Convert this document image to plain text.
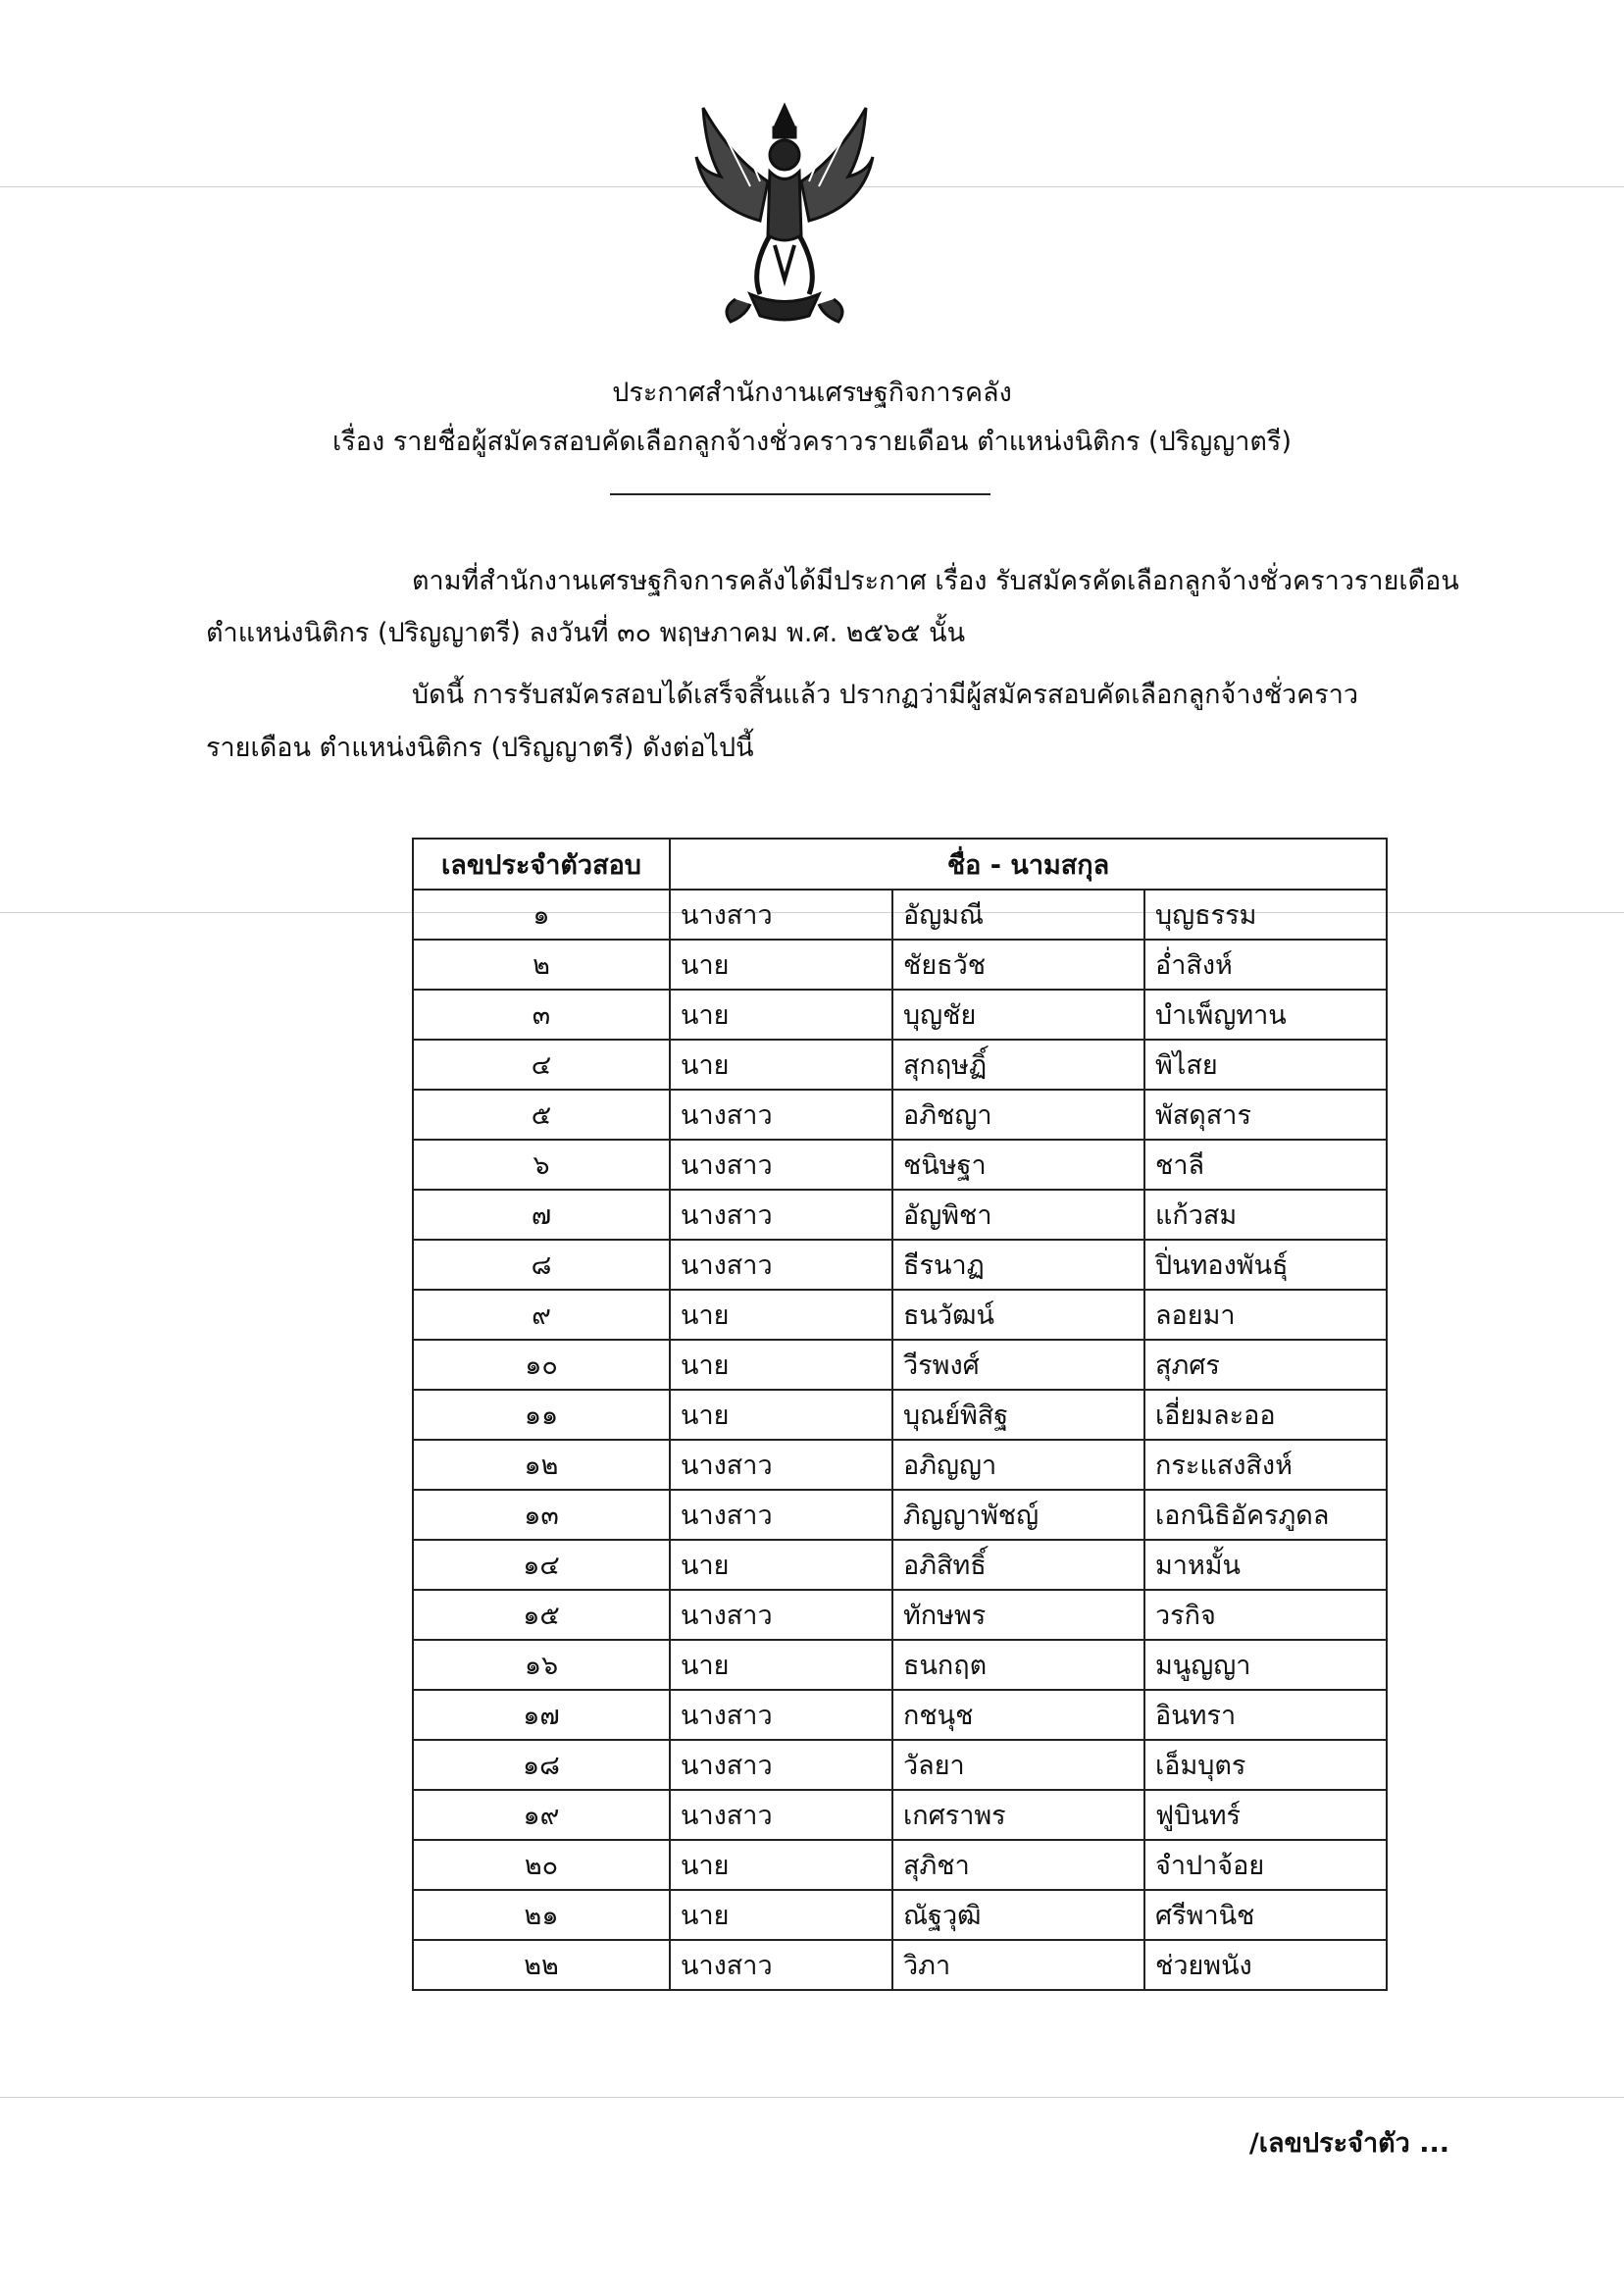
ประกาศสำนักงานเศรษฐกิจการคลัง
เรื่อง รายชื่อผู้สมัครสอบคัดเลือกลูกจ้างชั่วคราวรายเดือน ตำแหน่งนิติกร (ปริญญาตรี)
ตามที่สำนักงานเศรษฐกิจการคลังได้มีประกาศ เรื่อง รับสมัครคัดเลือกลูกจ้างชั่วคราวรายเดือน
ตำแหน่งนิติกร (ปริญญาตรี) ลงวันที่ ๓๐ พฤษภาคม พ.ศ. ๒๕๖๕ นั้น
บัดนี้ การรับสมัครสอบได้เสร็จสิ้นแล้ว ปรากฏว่ามีผู้สมัครสอบคัดเลือกลูกจ้างชั่วคราว
รายเดือน ตำแหน่งนิติกร (ปริญญาตรี) ดังต่อไปนี้
เลขประจำตัวสอบ	ชื่อ - นามสกุล		
๑	นางสาว	อัญมณี	บุญธรรม
๒	นาย	ชัยธวัช	อ่ำสิงห์
๓	นาย	บุญชัย	บำเพ็ญทาน
๔	นาย	สุกฤษฏิ์	พิไสย
๕	นางสาว	อภิชญา	พัสดุสาร
๖	นางสาว	ชนิษฐา	ชาลี
๗	นางสาว	อัญพิชา	แก้วสม
๘	นางสาว	ธีรนาฏ	ปิ่นทองพันธุ์
๙	นาย	ธนวัฒน์	ลอยมา
๑๐	นาย	วีรพงศ์	สุภศร
๑๑	นาย	บุณย์พิสิฐ	เอี่ยมละออ
๑๒	นางสาว	อภิญญา	กระแสงสิงห์
๑๓	นางสาว	ภิญญาพัชญ์	เอกนิธิอัครภูดล
๑๔	นาย	อภิสิทธิ์	มาหมั้น
๑๕	นางสาว	ทักษพร	วรกิจ
๑๖	นาย	ธนกฤต	มนูญญา
๑๗	นางสาว	กชนุช	อินทรา
๑๘	นางสาว	วัลยา	เอ็มบุตร
๑๙	นางสาว	เกศราพร	ฟูบินทร์
๒๐	นาย	สุภิชา	จำปาจ้อย
๒๑	นาย	ณัฐวุฒิ	ศรีพานิช
๒๒	นางสาว	วิภา	ช่วยพนัง
/เลขประจำตัว ...
